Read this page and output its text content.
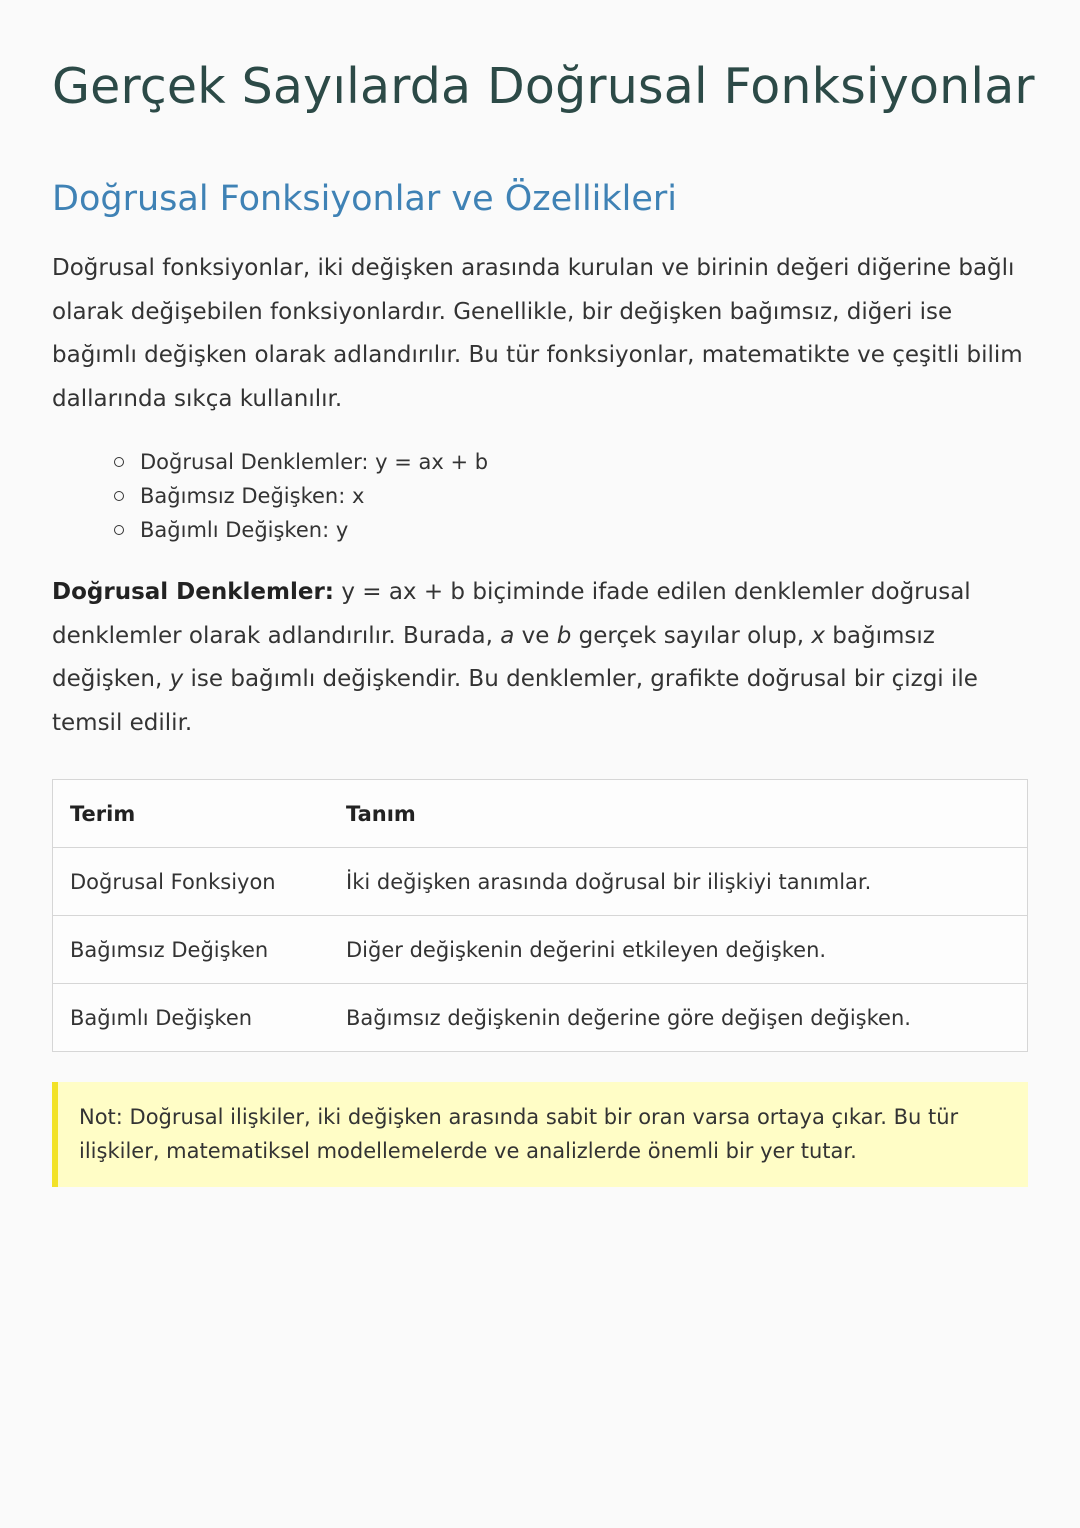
Gerçek Sayılarda Doğrusal Fonksiyonlar
Doğrusal Fonksiyonlar ve Özellikleri

Doğrusal fonksiyonlar, iki değişken arasında kurulan ve birinin değeri diğerine bağlı olarak değişebilen fonksiyonlardır. Genellikle, bir değişken bağımsız, diğeri ise bağımlı değişken olarak adlandırılır. Bu tür fonksiyonlar, matematikte ve çeşitli bilim dallarında sıkça kullanılır.

Doğrusal Denklemler: y = ax + b
Bağımsız Değişken: x
Bağımlı Değişken: y

Doğrusal Denklemler: y = ax + b biçiminde ifade edilen denklemler doğrusal denklemler olarak adlandırılır. Burada, a ve b gerçek sayılar olup, x bağımsız değişken, y ise bağımlı değişkendir. Bu denklemler, grafikte doğrusal bir çizgi ile temsil edilir.

Terim	Tanım
Doğrusal Fonksiyon	İki değişken arasında doğrusal bir ilişkiyi tanımlar.
Bağımsız Değişken	Diğer değişkenin değerini etkileyen değişken.
Bağımlı Değişken	Bağımsız değişkenin değerine göre değişen değişken.
Not: Doğrusal ilişkiler, iki değişken arasında sabit bir oran varsa ortaya çıkar. Bu tür ilişkiler, matematiksel modellemelerde ve analizlerde önemli bir yer tutar.
